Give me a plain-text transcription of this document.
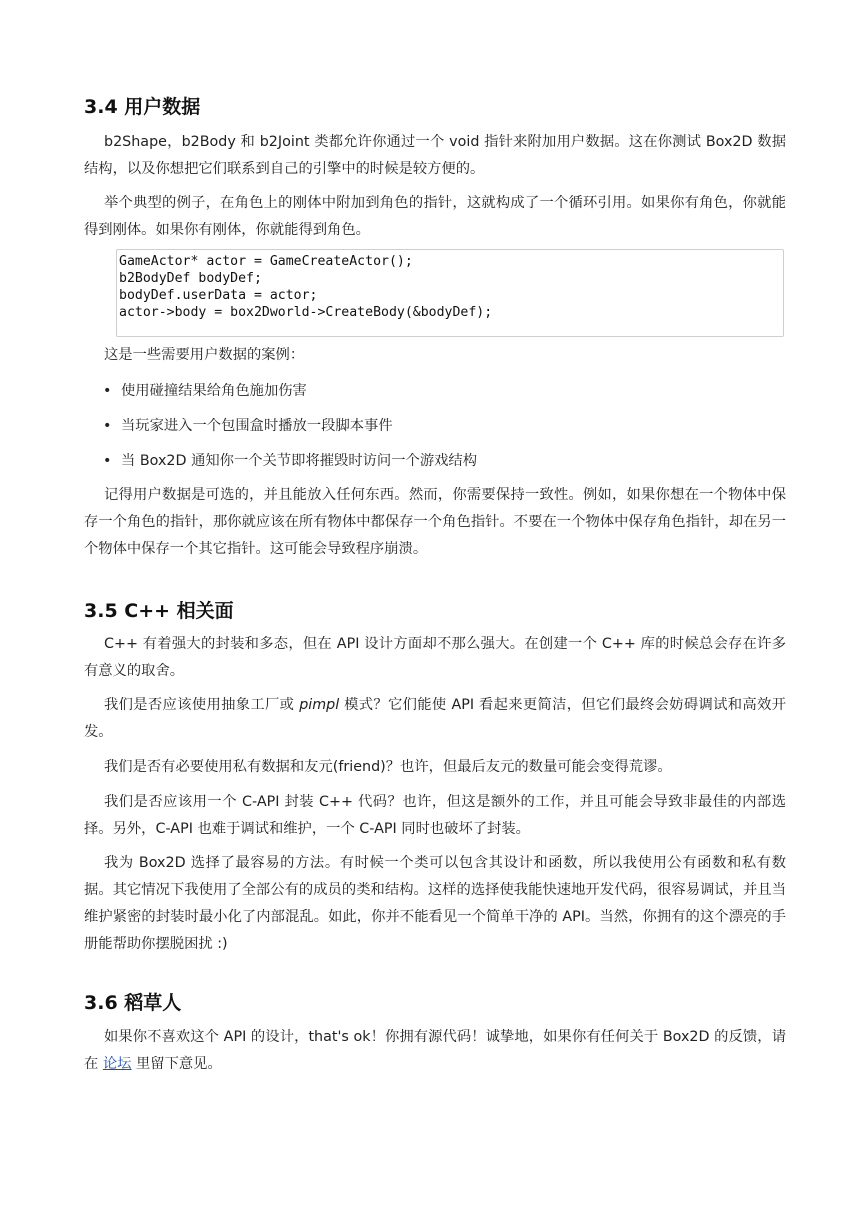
3.4 用户数据

b2Shape，b2Body 和 b2Joint 类都允许你通过一个 void 指针来附加用户数据。这在你测试 Box2D 数据结构，以及你想把它们联系到自己的引擎中的时候是较方便的。

举个典型的例子，在角色上的刚体中附加到角色的指针，这就构成了一个循环引用。如果你有角色，你就能得到刚体。如果你有刚体，你就能得到角色。

GameActor* actor = GameCreateActor();
b2BodyDef bodyDef;
bodyDef.userData = actor;
actor->body = box2Dworld->CreateBody(&bodyDef);

这是一些需要用户数据的案例：

• 使用碰撞结果给角色施加伤害
• 当玩家进入一个包围盒时播放一段脚本事件
• 当 Box2D 通知你一个关节即将摧毁时访问一个游戏结构

记得用户数据是可选的，并且能放入任何东西。然而，你需要保持一致性。例如，如果你想在一个物体中保存一个角色的指针，那你就应该在所有物体中都保存一个角色指针。不要在一个物体中保存角色指针，却在另一个物体中保存一个其它指针。这可能会导致程序崩溃。

3.5 C++ 相关面

C++ 有着强大的封装和多态，但在 API 设计方面却不那么强大。在创建一个 C++ 库的时候总会存在许多有意义的取舍。

我们是否应该使用抽象工厂或 pimpl 模式？它们能使 API 看起来更简洁，但它们最终会妨碍调试和高效开发。

我们是否有必要使用私有数据和友元(friend)？也许，但最后友元的数量可能会变得荒谬。

我们是否应该用一个 C-API 封装 C++ 代码？也许，但这是额外的工作，并且可能会导致非最佳的内部选择。另外，C-API 也难于调试和维护，一个 C-API 同时也破坏了封装。

我为 Box2D 选择了最容易的方法。有时候一个类可以包含其设计和函数，所以我使用公有函数和私有数据。其它情况下我使用了全部公有的成员的类和结构。这样的选择使我能快速地开发代码，很容易调试，并且当维护紧密的封装时最小化了内部混乱。如此，你并不能看见一个简单干净的 API。当然，你拥有的这个漂亮的手册能帮助你摆脱困扰 :)

3.6 稻草人

如果你不喜欢这个 API 的设计，that's ok！你拥有源代码！诚挚地，如果你有任何关于 Box2D 的反馈，请在 论坛 里留下意见。
